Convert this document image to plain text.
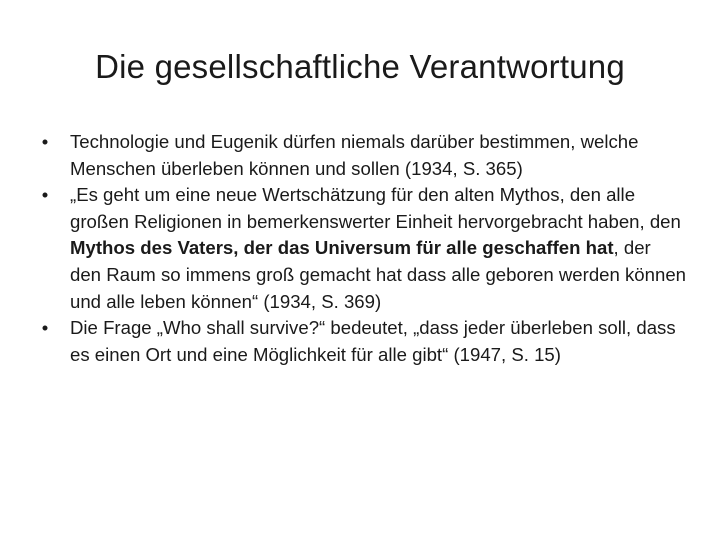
Die gesellschaftliche Verantwortung
• Technologie und Eugenik dürfen niemals darüber bestimmen, welche Menschen überleben können und sollen (1934, S. 365)
• „Es geht um eine neue Wertschätzung für den alten Mythos, den alle großen Religionen in bemerkenswerter Einheit hervorgebracht haben, den Mythos des Vaters, der das Universum für alle geschaffen hat, der den Raum so immens groß gemacht hat dass alle geboren werden können und alle leben können“ (1934, S. 369)
• Die Frage „Who shall survive?“ bedeutet, „dass jeder überleben soll, dass es einen Ort und eine Möglichkeit für alle gibt“ (1947, S. 15)
